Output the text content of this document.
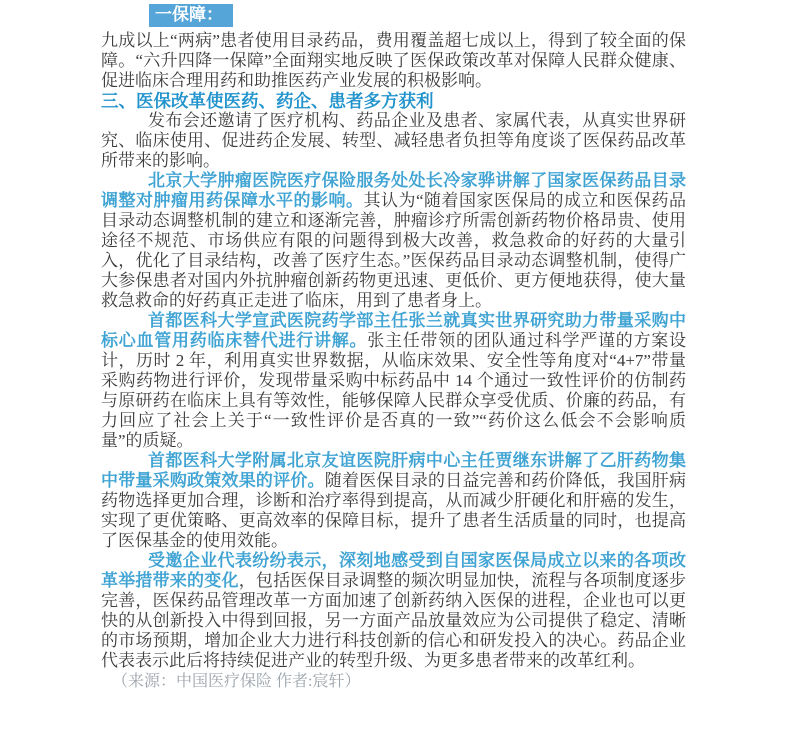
一保障：

九成以上“两病”患者使用目录药品，费用覆盖超七成以上，得到了较全面的保障。“六升四降一保障”全面翔实地反映了医保政策改革对保障人民群众健康、促进临床合理用药和助推医药产业发展的积极影响。

三、医保改革使医药、药企、患者多方获利

发布会还邀请了医疗机构、药品企业及患者、家属代表，从真实世界研究、临床使用、促进药企发展、转型、减轻患者负担等角度谈了医保药品改革所带来的影响。

北京大学肿瘤医院医疗保险服务处处长冷家骅讲解了国家医保药品目录调整对肿瘤用药保障水平的影响。其认为“随着国家医保局的成立和医保药品目录动态调整机制的建立和逐渐完善，肿瘤诊疗所需创新药物价格昂贵、使用途径不规范、市场供应有限的问题得到极大改善，救急救命的好药的大量引入，优化了目录结构，改善了医疗生态。”医保药品目录动态调整机制，使得广大参保患者对国内外抗肿瘤创新药物更迅速、更低价、更方便地获得，使大量救急救命的好药真正走进了临床，用到了患者身上。

首都医科大学宣武医院药学部主任张兰就真实世界研究助力带量采购中标心血管用药临床替代进行讲解。张主任带领的团队通过科学严谨的方案设计，历时 2 年，利用真实世界数据，从临床效果、安全性等角度对“4+7”带量采购药物进行评价，发现带量采购中标药品中 14 个通过一致性评价的仿制药与原研药在临床上具有等效性，能够保障人民群众享受优质、价廉的药品，有力回应了社会上关于“一致性评价是否真的一致”“药价这么低会不会影响质量”的质疑。

首都医科大学附属北京友谊医院肝病中心主任贾继东讲解了乙肝药物集中带量采购政策效果的评价。随着医保目录的日益完善和药价降低，我国肝病药物选择更加合理，诊断和治疗率得到提高，从而减少肝硬化和肝癌的发生，实现了更优策略、更高效率的保障目标，提升了患者生活质量的同时，也提高了医保基金的使用效能。

受邀企业代表纷纷表示，深刻地感受到自国家医保局成立以来的各项改革举措带来的变化，包括医保目录调整的频次明显加快，流程与各项制度逐步完善，医保药品管理改革一方面加速了创新药纳入医保的进程，企业也可以更快的从创新投入中得到回报，另一方面产品放量效应为公司提供了稳定、清晰的市场预期，增加企业大力进行科技创新的信心和研发投入的决心。药品企业代表表示此后将持续促进产业的转型升级、为更多患者带来的改革红利。

（来源：中国医疗保险 作者:宸轩）
